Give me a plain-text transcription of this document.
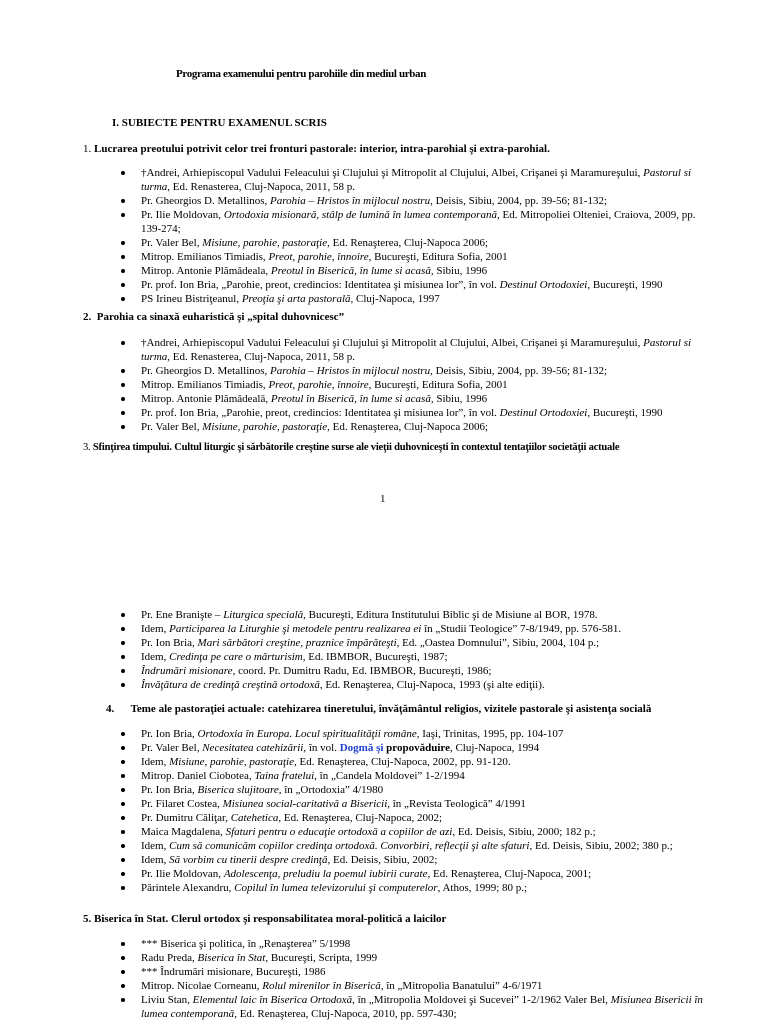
Programa examenului pentru parohiile din mediul urban
I. SUBIECTE PENTRU EXAMENUL SCRIS
1. Lucrarea preotului potrivit celor trei fronturi pastorale: interior, intra-parohial şi extra-parohial.
†Andrei, Arhiepiscopul Vadului Feleacului şi Clujului şi Mitropolit al Clujului, Albei, Crişanei şi Maramureşului, Pastorul si turma, Ed. Renasterea, Cluj-Napoca, 2011, 58 p.
Pr. Gheorgios D. Metallinos, Parohia – Hristos în mijlocul nostru, Deisis, Sibiu, 2004, pp. 39-56; 81-132;
Pr. Ilie Moldovan, Ortodoxia misionară, stâlp de lumină în lumea contemporană, Ed. Mitropoliei Olteniei, Craiova, 2009, pp. 139-274;
Pr. Valer Bel, Misiune, parohie, pastoraţie, Ed. Renaşterea, Cluj-Napoca 2006;
Mitrop. Emilianos Timiadis, Preot, parohie, înnoire, Bucureşti, Editura Sofia, 2001
Mitrop. Antonie Plămădeala, Preotul în Biserică, în lume si acasă, Sibiu, 1996
Pr. prof. Ion Bria, „Parohie, preot, credincios: Identitatea şi misiunea lor”, în vol. Destinul Ortodoxiei, Bucureşti, 1990
PS Irineu Bistriţeanul, Preoţia şi arta pastorală, Cluj-Napoca, 1997
2. Parohia ca sinaxă euharistică şi „spital duhovnicesc”
†Andrei, Arhiepiscopul Vadului Feleacului şi Clujului şi Mitropolit al Clujului, Albei, Crişanei şi Maramureşului, Pastorul si turma, Ed. Renasterea, Cluj-Napoca, 2011, 58 p.
Pr. Gheorgios D. Metallinos, Parohia – Hristos în mijlocul nostru, Deisis, Sibiu, 2004, pp. 39-56; 81-132;
Mitrop. Emilianos Timiadis, Preot, parohie, înnoire, Bucureşti, Editura Sofia, 2001
Mitrop. Antonie Plămădeală, Preotul în Biserică, în lume si acasă, Sibiu, 1996
Pr. prof. Ion Bria, „Parohie, preot, credincios: Identitatea şi misiunea lor”, în vol. Destinul Ortodoxiei, Bucureşti, 1990
Pr. Valer Bel, Misiune, parohie, pastoraţie, Ed. Renaşterea, Cluj-Napoca 2006;
3. Sfinţirea timpului. Cultul liturgic şi sărbătorile creştine surse ale vieţii duhovniceşti în contextul tentaţiilor societăţii actuale
1
Pr. Ene Branişte – Liturgica specială, Bucureşti, Editura Institutului Biblic şi de Misiune al BOR, 1978.
Idem, Participarea la Liturghie şi metodele pentru realizarea ei în „Studii Teologice” 7-8/1949, pp. 576-581.
Pr. Ion Bria, Mari sărbători creştine, praznice împărăteşti, Ed. „Oastea Domnului”, Sibiu, 2004, 104 p.;
Idem, Credinţa pe care o mărturisim, Ed. IBMBOR, Bucureşti, 1987;
Îndrumări misionare, coord. Pr. Dumitru Radu, Ed. IBMBOR, Bucureşti, 1986;
Învăţătura de credinţă creştină ortodoxă, Ed. Renaşterea, Cluj-Napoca, 1993 (şi alte ediţii).
4. Teme ale pastoraţiei actuale: catehizarea tineretului, învăţământul religios, vizitele pastorale şi asistenţa socială
Pr. Ion Bria, Ortodoxia în Europa. Locul spiritualităţii române, Iaşi, Trinitas, 1995, pp. 104-107
Pr. Valer Bel, Necesitatea catehizării, în vol. Dogmă şi propovăduire, Cluj-Napoca, 1994
Idem, Misiune, parohie, pastoraţie, Ed. Renaşterea, Cluj-Napoca, 2002, pp. 91-120.
Mitrop. Daniel Ciobotea, Taina fratelui, în „Candela Moldovei” 1-2/1994
Pr. Ion Bria, Biserica slujitoare, în „Ortodoxia” 4/1980
Pr. Filaret Costea, Misiunea social-caritativă a Bisericii, în „Revista Teologică” 4/1991
Pr. Dumitru Căliţar, Catehetica, Ed. Renaşterea, Cluj-Napoca, 2002;
Maica Magdalena, Sfaturi pentru o educaţie ortodoxă a copiilor de azi, Ed. Deisis, Sibiu, 2000; 182 p.;
Idem, Cum să comunicăm copiilor credinţa ortodoxă. Convorbiri, reflecţii şi alte sfaturi, Ed. Deisis, Sibiu, 2002; 380 p.;
Idem, Să vorbim cu tinerii despre credinţă, Ed. Deisis, Sibiu, 2002;
Pr. Ilie Moldovan, Adolescenţa, preludiu la poemul iubirii curate, Ed. Renaşterea, Cluj-Napoca, 2001;
Părintele Alexandru, Copilul în lumea televizorului şi computerelor, Athos, 1999; 80 p.;
5. Biserica în Stat. Clerul ortodox şi responsabilitatea moral-politică a laicilor
*** Biserica şi politica, în „Renaşterea” 5/1998
Radu Preda, Biserica în Stat, Bucureşti, Scripta, 1999
*** Îndrumări misionare, Bucureşti, 1986
Mitrop. Nicolae Corneanu, Rolul mirenilor în Biserică, în „Mitropolia Banatului” 4-6/1971
Liviu Stan, Elementul laic în Biserica Ortodoxă, în „Mitropolia Moldovei şi Sucevei” 1-2/1962 Valer Bel, Misiunea Bisericii în lumea contemporană, Ed. Renaşterea, Cluj-Napoca, 2010, pp. 597-430;
